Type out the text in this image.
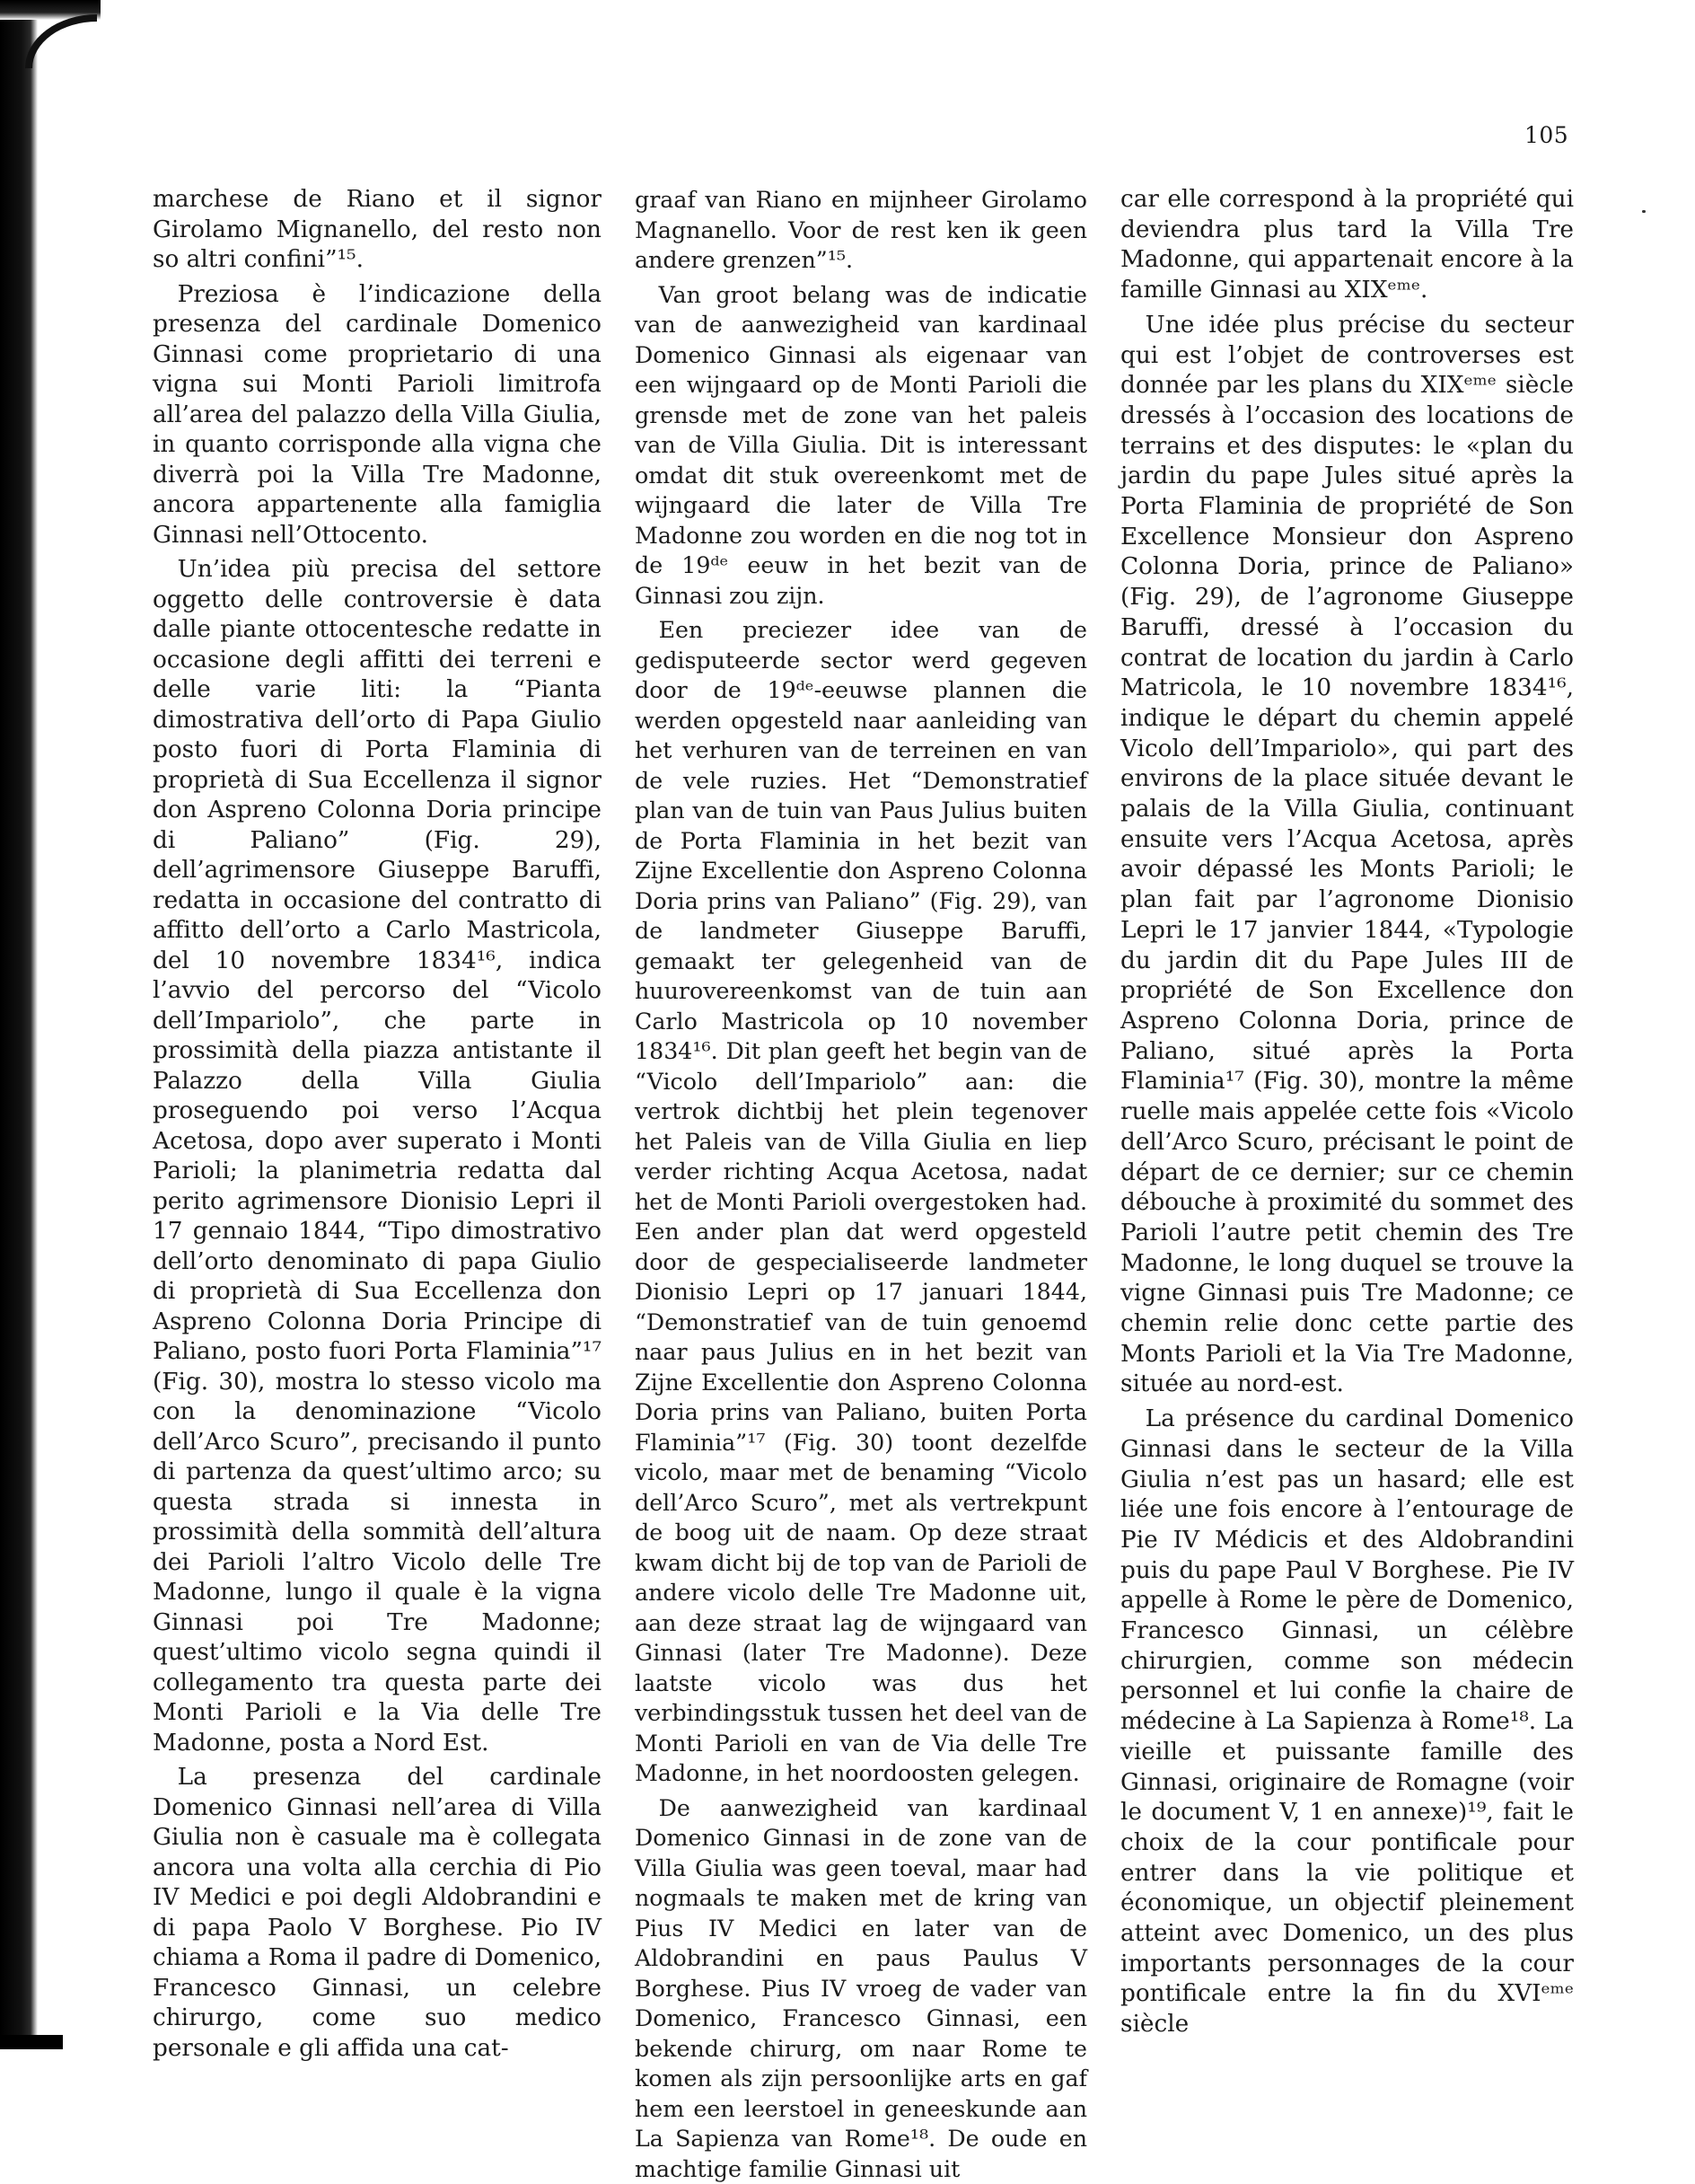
105

marchese de Riano et il signor Girolamo Mignanello, del resto non so altri confini”¹⁵.

Preziosa è l’indicazione della presenza del cardinale Domenico Ginnasi come proprietario di una vigna sui Monti Parioli limitrofa all’area del palazzo della Villa Giulia, in quanto corrisponde alla vigna che diverrà poi la Villa Tre Madonne, ancora appartenente alla famiglia Ginnasi nell’Ottocento.

Un’idea più precisa del settore oggetto delle controversie è data dalle piante ottocentesche redatte in occasione degli affitti dei terreni e delle varie liti: la “Pianta dimostrativa dell’orto di Papa Giulio posto fuori di Porta Flaminia di proprietà di Sua Eccellenza il signor don Aspreno Colonna Doria principe di Paliano” (Fig. 29), dell’agrimensore Giuseppe Baruffi, redatta in occasione del contratto di affitto dell’orto a Carlo Mastricola, del 10 novembre 1834¹⁶, indica l’avvio del percorso del “Vicolo dell’Impariolo”, che parte in prossimità della piazza antistante il Palazzo della Villa Giulia proseguendo poi verso l’Acqua Acetosa, dopo aver superato i Monti Parioli; la planimetria redatta dal perito agrimensore Dionisio Lepri il 17 gennaio 1844, “Tipo dimostrativo dell’orto denominato di papa Giulio di proprietà di Sua Eccellenza don Aspreno Colonna Doria Principe di Paliano, posto fuori Porta Flaminia”¹⁷ (Fig. 30), mostra lo stesso vicolo ma con la denominazione “Vicolo dell’Arco Scuro”, precisando il punto di partenza da quest’ultimo arco; su questa strada si innesta in prossimità della sommità dell’altura dei Parioli l’altro Vicolo delle Tre Madonne, lungo il quale è la vigna Ginnasi poi Tre Madonne; quest’ultimo vicolo segna quindi il collegamento tra questa parte dei Monti Parioli e la Via delle Tre Madonne, posta a Nord Est.

La presenza del cardinale Domenico Ginnasi nell’area di Villa Giulia non è casuale ma è collegata ancora una volta alla cerchia di Pio IV Medici e poi degli Aldobrandini e di papa Paolo V Borghese. Pio IV chiama a Roma il padre di Domenico, Francesco Ginnasi, un celebre chirurgo, come suo medico personale e gli affida una cat-

graaf van Riano en mijnheer Girolamo Magnanello. Voor de rest ken ik geen andere grenzen”¹⁵.

Van groot belang was de indicatie van de aanwezigheid van kardinaal Domenico Ginnasi als eigenaar van een wijngaard op de Monti Parioli die grensde met de zone van het paleis van de Villa Giulia. Dit is interessant omdat dit stuk overeenkomt met de wijngaard die later de Villa Tre Madonne zou worden en die nog tot in de 19ᵈᵉ eeuw in het bezit van de Ginnasi zou zijn.

Een preciezer idee van de gedisputeerde sector werd gegeven door de 19ᵈᵉ-eeuwse plannen die werden opgesteld naar aanleiding van het verhuren van de terreinen en van de vele ruzies. Het “Demonstratief plan van de tuin van Paus Julius buiten de Porta Flaminia in het bezit van Zijne Excellentie don Aspreno Colonna Doria prins van Paliano” (Fig. 29), van de landmeter Giuseppe Baruffi, gemaakt ter gelegenheid van de huurovereenkomst van de tuin aan Carlo Mastricola op 10 november 1834¹⁶. Dit plan geeft het begin van de “Vicolo dell’Impariolo” aan: die vertrok dichtbij het plein tegenover het Paleis van de Villa Giulia en liep verder richting Acqua Acetosa, nadat het de Monti Parioli overgestoken had. Een ander plan dat werd opgesteld door de gespecialiseerde landmeter Dionisio Lepri op 17 januari 1844, “Demonstratief van de tuin genoemd naar paus Julius en in het bezit van Zijne Excellentie don Aspreno Colonna Doria prins van Paliano, buiten Porta Flaminia”¹⁷ (Fig. 30) toont dezelfde vicolo, maar met de benaming “Vicolo dell’Arco Scuro”, met als vertrekpunt de boog uit de naam. Op deze straat kwam dicht bij de top van de Parioli de andere vicolo delle Tre Madonne uit, aan deze straat lag de wijngaard van Ginnasi (later Tre Madonne). Deze laatste vicolo was dus het verbindingsstuk tussen het deel van de Monti Parioli en van de Via delle Tre Madonne, in het noordoosten gelegen.

De aanwezigheid van kardinaal Domenico Ginnasi in de zone van de Villa Giulia was geen toeval, maar had nogmaals te maken met de kring van Pius IV Medici en later van de Aldobrandini en paus Paulus V Borghese. Pius IV vroeg de vader van Domenico, Francesco Ginnasi, een bekende chirurg, om naar Rome te komen als zijn persoonlijke arts en gaf hem een leerstoel in geneeskunde aan La Sapienza van Rome¹⁸. De oude en machtige familie Ginnasi uit

car elle correspond à la propriété qui deviendra plus tard la Villa Tre Madonne, qui appartenait encore à la famille Ginnasi au XIXᵉᵐᵉ.

Une idée plus précise du secteur qui est l’objet de controverses est donnée par les plans du XIXᵉᵐᵉ siècle dressés à l’occasion des locations de terrains et des disputes: le «plan du jardin du pape Jules situé après la Porta Flaminia de propriété de Son Excellence Monsieur don Aspreno Colonna Doria, prince de Paliano» (Fig. 29), de l’agronome Giuseppe Baruffi, dressé à l’occasion du contrat de location du jardin à Carlo Matricola, le 10 novembre 1834¹⁶, indique le départ du chemin appelé Vicolo dell’Impariolo», qui part des environs de la place située devant le palais de la Villa Giulia, continuant ensuite vers l’Acqua Acetosa, après avoir dépassé les Monts Parioli; le plan fait par l’agronome Dionisio Lepri le 17 janvier 1844, «Typologie du jardin dit du Pape Jules III de propriété de Son Excellence don Aspreno Colonna Doria, prince de Paliano, situé après la Porta Flaminia¹⁷ (Fig. 30), montre la même ruelle mais appelée cette fois «Vicolo dell’Arco Scuro, précisant le point de départ de ce dernier; sur ce chemin débouche à proximité du sommet des Parioli l’autre petit chemin des Tre Madonne, le long duquel se trouve la vigne Ginnasi puis Tre Madonne; ce chemin relie donc cette partie des Monts Parioli et la Via Tre Madonne, située au nord-est.

La présence du cardinal Domenico Ginnasi dans le secteur de la Villa Giulia n’est pas un hasard; elle est liée une fois encore à l’entourage de Pie IV Médicis et des Aldobrandini puis du pape Paul V Borghese. Pie IV appelle à Rome le père de Domenico, Francesco Ginnasi, un célèbre chirurgien, comme son médecin personnel et lui confie la chaire de médecine à La Sapienza à Rome¹⁸. La vieille et puissante famille des Ginnasi, originaire de Romagne (voir le document V, 1 en annexe)¹⁹, fait le choix de la cour pontificale pour entrer dans la vie politique et économique, un objectif pleinement atteint avec Domenico, un des plus importants personnages de la cour pontificale entre la fin du XVIᵉᵐᵉ siècle
